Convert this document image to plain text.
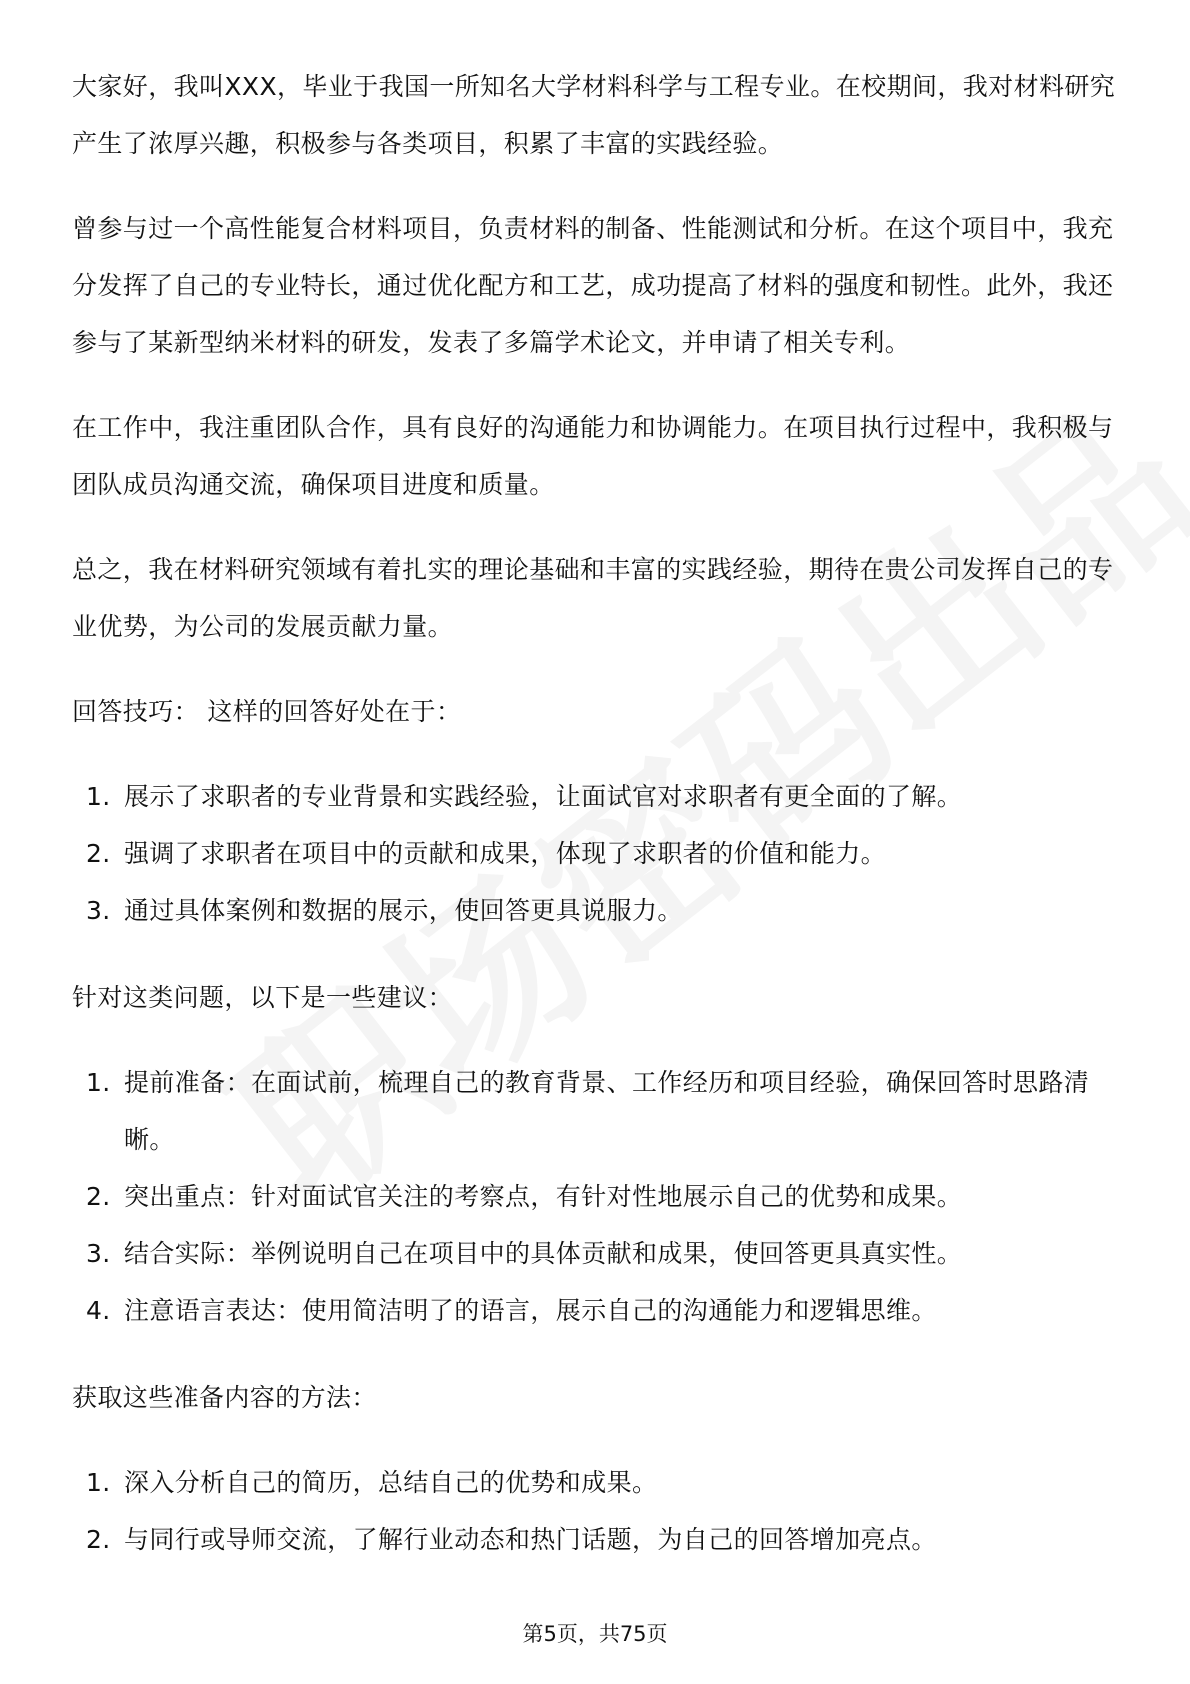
大家好，我叫XXX，毕业于我国一所知名大学材料科学与工程专业。在校期间，我对材料研究产生了浓厚兴趣，积极参与各类项目，积累了丰富的实践经验。

曾参与过一个高性能复合材料项目，负责材料的制备、性能测试和分析。在这个项目中，我充分发挥了自己的专业特长，通过优化配方和工艺，成功提高了材料的强度和韧性。此外，我还参与了某新型纳米材料的研发，发表了多篇学术论文，并申请了相关专利。

在工作中，我注重团队合作，具有良好的沟通能力和协调能力。在项目执行过程中，我积极与团队成员沟通交流，确保项目进度和质量。

总之，我在材料研究领域有着扎实的理论基础和丰富的实践经验，期待在贵公司发挥自己的专业优势，为公司的发展贡献力量。

回答技巧： 这样的回答好处在于：

1. 展示了求职者的专业背景和实践经验，让面试官对求职者有更全面的了解。
2. 强调了求职者在项目中的贡献和成果，体现了求职者的价值和能力。
3. 通过具体案例和数据的展示，使回答更具说服力。

针对这类问题，以下是一些建议：

1. 提前准备：在面试前，梳理自己的教育背景、工作经历和项目经验，确保回答时思路清晰。
2. 突出重点：针对面试官关注的考察点，有针对性地展示自己的优势和成果。
3. 结合实际：举例说明自己在项目中的具体贡献和成果，使回答更具真实性。
4. 注意语言表达：使用简洁明了的语言，展示自己的沟通能力和逻辑思维。

获取这些准备内容的方法：

1. 深入分析自己的简历，总结自己的优势和成果。
2. 与同行或导师交流，了解行业动态和热门话题，为自己的回答增加亮点。
第5页，共75页
